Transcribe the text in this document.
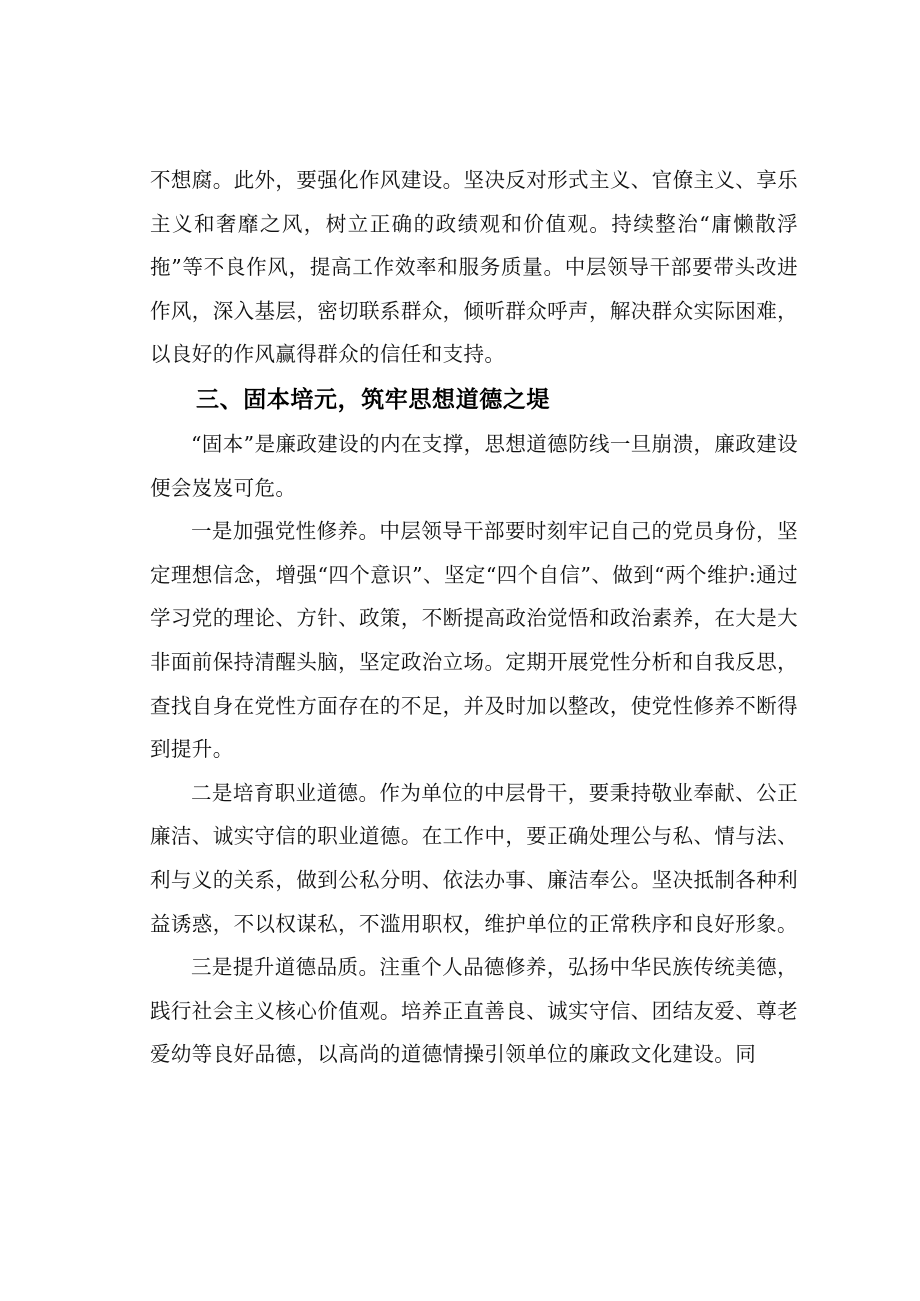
不想腐。此外，要强化作风建设。坚决反对形式主义、官僚主义、享乐主义和奢靡之风，树立正确的政绩观和价值观。持续整治“庸懒散浮拖”等不良作风，提高工作效率和服务质量。中层领导干部要带头改进作风，深入基层，密切联系群众，倾听群众呼声，解决群众实际困难，以良好的作风赢得群众的信任和支持。

三、固本培元，筑牢思想道德之堤

“固本”是廉政建设的内在支撑，思想道德防线一旦崩溃，廉政建设便会岌岌可危。

一是加强党性修养。中层领导干部要时刻牢记自己的党员身份，坚定理想信念，增强“四个意识”、坚定“四个自信”、做到“两个维护:通过学习党的理论、方针、政策，不断提高政治觉悟和政治素养，在大是大非面前保持清醒头脑，坚定政治立场。定期开展党性分析和自我反思，查找自身在党性方面存在的不足，并及时加以整改，使党性修养不断得到提升。

二是培育职业道德。作为单位的中层骨干，要秉持敬业奉献、公正廉洁、诚实守信的职业道德。在工作中，要正确处理公与私、情与法、利与义的关系，做到公私分明、依法办事、廉洁奉公。坚决抵制各种利益诱惑，不以权谋私，不滥用职权，维护单位的正常秩序和良好形象。

三是提升道德品质。注重个人品德修养，弘扬中华民族传统美德，践行社会主义核心价值观。培养正直善良、诚实守信、团结友爱、尊老爱幼等良好品德，以高尚的道德情操引领单位的廉政文化建设。同
